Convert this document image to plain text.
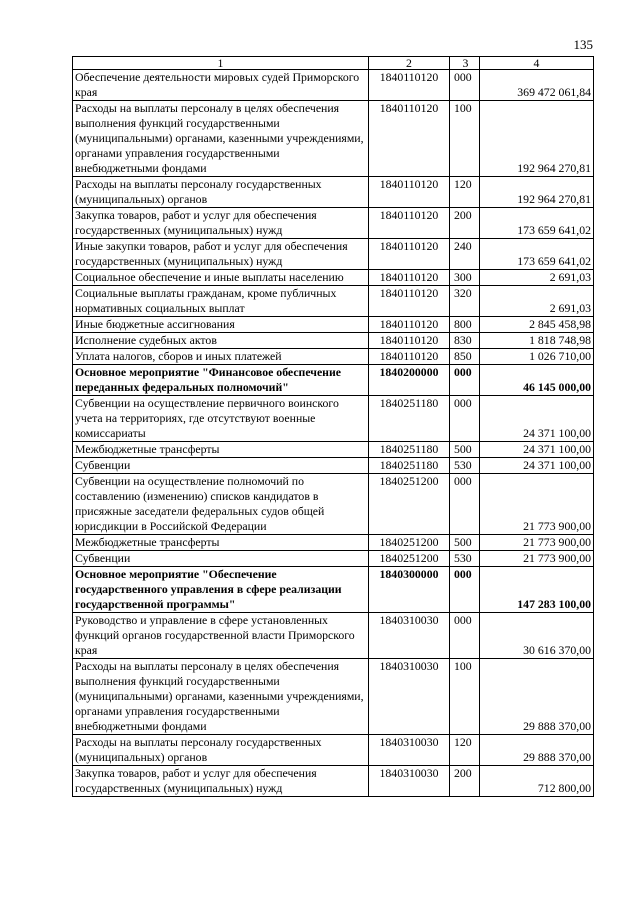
135
1	2	3	4
Обеспечение деятельности мировых судей Приморского края	1840110120	000	369 472 061,84
Расходы на выплаты персоналу в целях обеспечения выполнения функций государственными (муниципальными) органами, казенными учреждениями, органами управления государственными внебюджетными фондами	1840110120	100	192 964 270,81
Расходы на выплаты персоналу государственных (муниципальных) органов	1840110120	120	192 964 270,81
Закупка товаров, работ и услуг для обеспечения государственных (муниципальных) нужд	1840110120	200	173 659 641,02
Иные закупки товаров, работ и услуг для обеспечения государственных (муниципальных) нужд	1840110120	240	173 659 641,02
Социальное обеспечение и иные выплаты населению	1840110120	300	2 691,03
Социальные выплаты гражданам, кроме публичных нормативных социальных выплат	1840110120	320	2 691,03
Иные бюджетные ассигнования	1840110120	800	2 845 458,98
Исполнение судебных актов	1840110120	830	1 818 748,98
Уплата налогов, сборов и иных платежей	1840110120	850	1 026 710,00
Основное мероприятие "Финансовое обеспечение переданных федеральных полномочий"	1840200000	000	46 145 000,00
Субвенции на осуществление первичного воинского учета на территориях, где отсутствуют военные комиссариаты	1840251180	000	24 371 100,00
Межбюджетные трансферты	1840251180	500	24 371 100,00
Субвенции	1840251180	530	24 371 100,00
Субвенции на осуществление полномочий по составлению (изменению) списков кандидатов в присяжные заседатели федеральных судов общей юрисдикции в Российской Федерации	1840251200	000	21 773 900,00
Межбюджетные трансферты	1840251200	500	21 773 900,00
Субвенции	1840251200	530	21 773 900,00
Основное мероприятие "Обеспечение государственного управления в сфере реализации государственной программы"	1840300000	000	147 283 100,00
Руководство и управление в сфере установленных функций органов государственной власти Приморского края	1840310030	000	30 616 370,00
Расходы на выплаты персоналу в целях обеспечения выполнения функций государственными (муниципальными) органами, казенными учреждениями, органами управления государственными внебюджетными фондами	1840310030	100	29 888 370,00
Расходы на выплаты персоналу государственных (муниципальных) органов	1840310030	120	29 888 370,00
Закупка товаров, работ и услуг для обеспечения государственных (муниципальных) нужд	1840310030	200	712 800,00
